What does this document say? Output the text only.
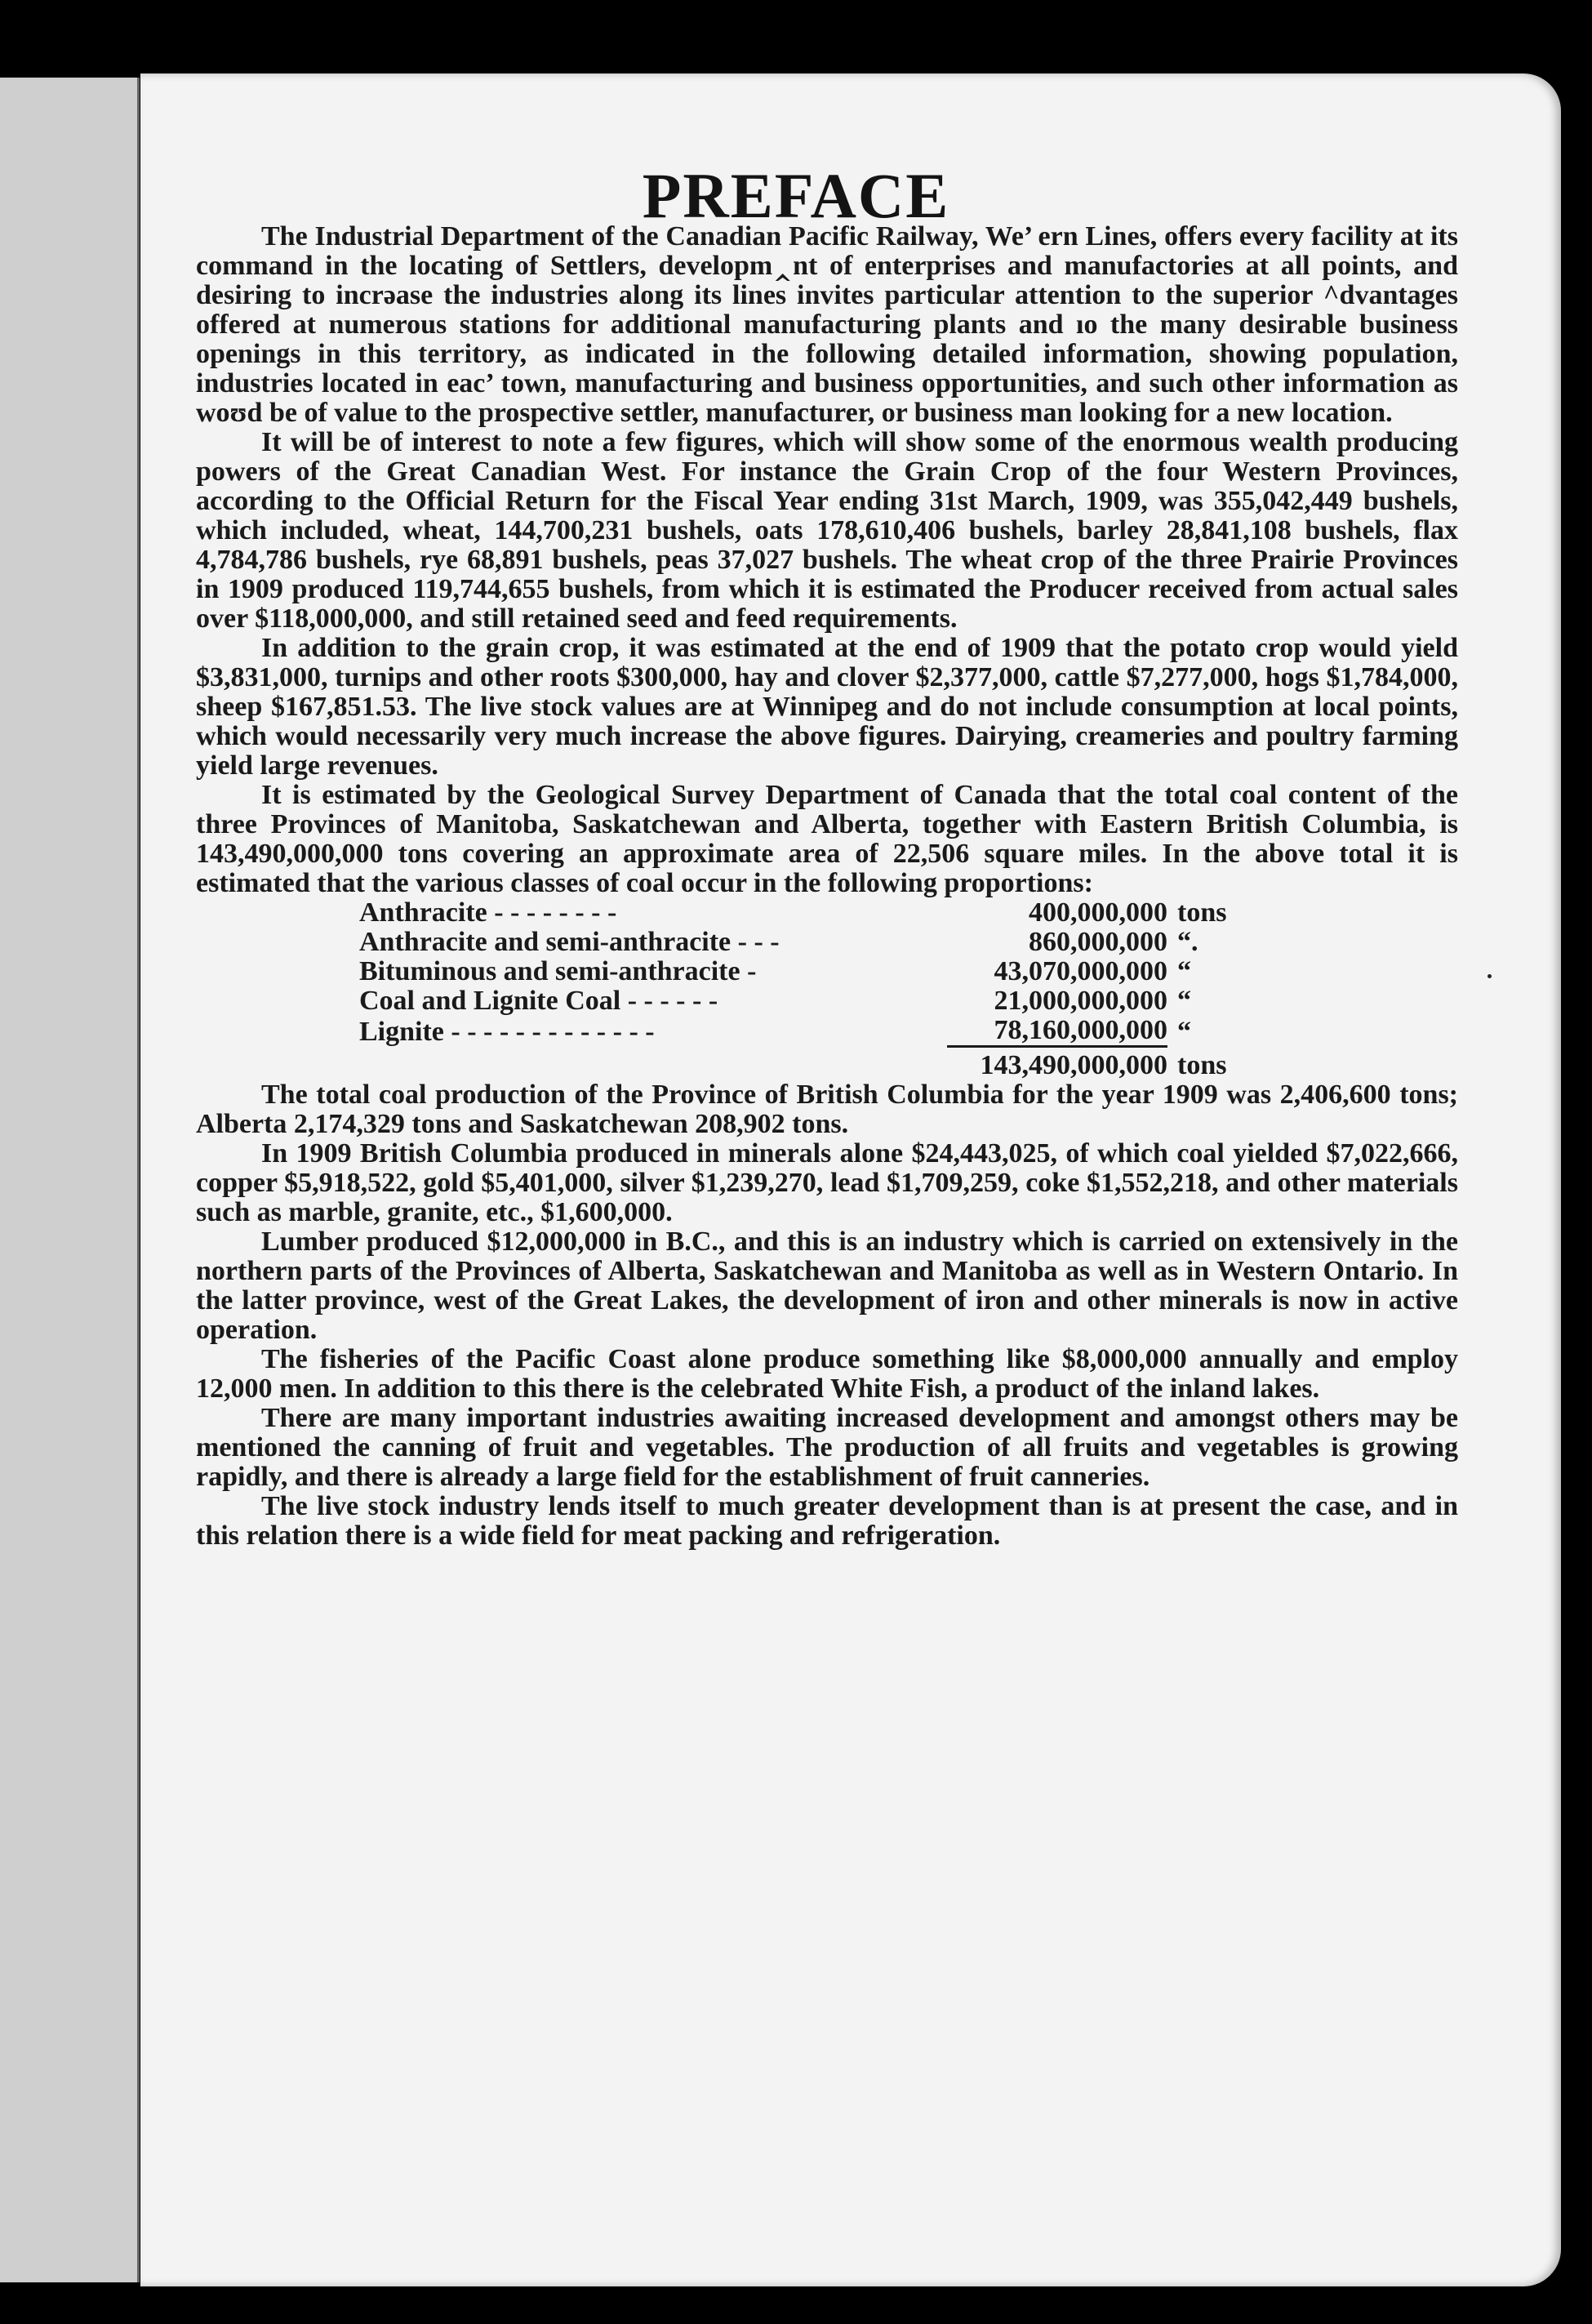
PREFACE

The Industrial Department of the Canadian Pacific Railway, We’ ern Lines, offers every facility at its command in the locating of Settlers, developm‸nt of enterprises and manufactories at all points, and desiring to incrəase the industries along its lines invites particular attention to the superior ^dvantages offered at numerous stations for additional manufacturing plants and ıo the many desirable business openings in this territory, as indicated in the following detailed information, showing population, industries located in eac’ town, manufacturing and business opportunities, and such other information as woʊd be of value to the prospective settler, manufacturer, or business man looking for a new location.

It will be of interest to note a few figures, which will show some of the enormous wealth producing powers of the Great Canadian West. For instance the Grain Crop of the four Western Provinces, according to the Official Return for the Fiscal Year ending 31st March, 1909, was 355,042,449 bushels, which included, wheat, 144,700,231 bushels, oats 178,610,406 bushels, barley 28,841,108 bushels, flax 4,784,786 bushels, rye 68,891 bushels, peas 37,027 bushels. The wheat crop of the three Prairie Provinces in 1909 produced 119,744,655 bushels, from which it is estimated the Producer received from actual sales over $118,000,000, and still retained seed and feed requirements.

In addition to the grain crop, it was estimated at the end of 1909 that the potato crop would yield $3,831,000, turnips and other roots $300,000, hay and clover $2,377,000, cattle $7,277,000, hogs $1,784,000, sheep $167,851.53. The live stock values are at Winnipeg and do not include consumption at local points, which would necessarily very much increase the above figures. Dairying, creameries and poultry farming yield large revenues.

It is estimated by the Geological Survey Department of Canada that the total coal content of the three Provinces of Manitoba, Saskatchewan and Alberta, together with Eastern British Columbia, is 143,490,000,000 tons covering an approximate area of 22,506 square miles. In the above total it is estimated that the various classes of coal occur in the following proportions:

Anthracite - - - - - - - -	400,000,000	tons
Anthracite and semi-anthracite - - -	860,000,000	“.
Bituminous and semi-anthracite -	43,070,000,000	“
Coal and Lignite Coal - - - - - -	21,000,000,000	“
Lignite - - - - - - - - - - - - -	78,160,000,000	“
	143,490,000,000	tons

The total coal production of the Province of British Columbia for the year 1909 was 2,406,600 tons; Alberta 2,174,329 tons and Saskatchewan 208,902 tons.

In 1909 British Columbia produced in minerals alone $24,443,025, of which coal yielded $7,022,666, copper $5,918,522, gold $5,401,000, silver $1,239,270, lead $1,709,259, coke $1,552,218, and other materials such as marble, granite, etc., $1,600,000.

Lumber produced $12,000,000 in B.C., and this is an industry which is carried on extensively in the northern parts of the Provinces of Alberta, Saskatchewan and Manitoba as well as in Western Ontario. In the latter province, west of the Great Lakes, the development of iron and other minerals is now in active operation.

The fisheries of the Pacific Coast alone produce something like $8,000,000 annually and employ 12,000 men. In addition to this there is the celebrated White Fish, a product of the inland lakes.

There are many important industries awaiting increased development and amongst others may be mentioned the canning of fruit and vegetables. The production of all fruits and vegetables is growing rapidly, and there is already a large field for the establishment of fruit canneries.

The live stock industry lends itself to much greater development than is at present the case, and in this relation there is a wide field for meat packing and refrigeration.
